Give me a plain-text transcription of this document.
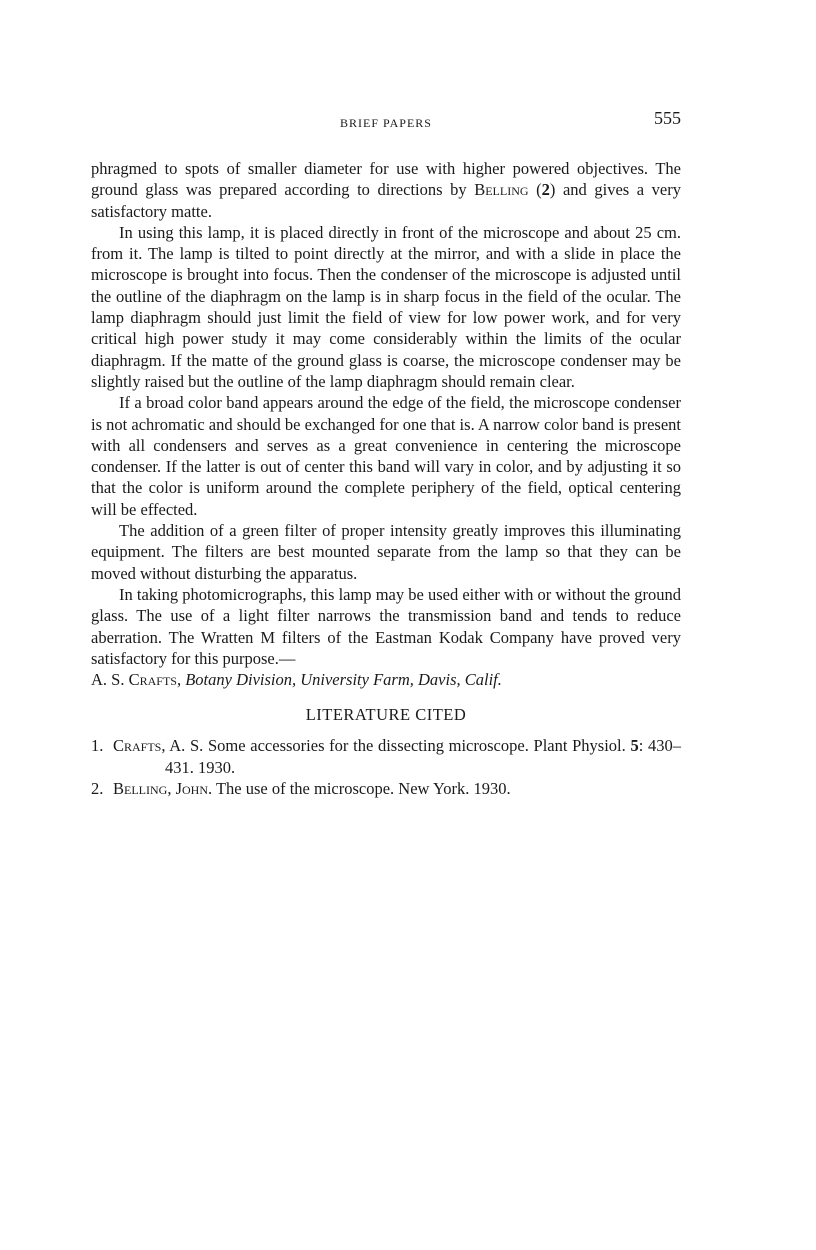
BRIEF PAPERS	555

phragmed to spots of smaller diameter for use with higher powered objectives. The ground glass was prepared according to directions by Belling (2) and gives a very satisfactory matte.

In using this lamp, it is placed directly in front of the microscope and about 25 cm. from it. The lamp is tilted to point directly at the mirror, and with a slide in place the microscope is brought into focus. Then the condenser of the microscope is adjusted until the outline of the diaphragm on the lamp is in sharp focus in the field of the ocular. The lamp diaphragm should just limit the field of view for low power work, and for very critical high power study it may come considerably within the limits of the ocular diaphragm. If the matte of the ground glass is coarse, the microscope condenser may be slightly raised but the outline of the lamp diaphragm should remain clear.

If a broad color band appears around the edge of the field, the microscope condenser is not achromatic and should be exchanged for one that is. A narrow color band is present with all condensers and serves as a great convenience in centering the microscope condenser. If the latter is out of center this band will vary in color, and by adjusting it so that the color is uniform around the complete periphery of the field, optical centering will be effected.

The addition of a green filter of proper intensity greatly improves this illuminating equipment. The filters are best mounted separate from the lamp so that they can be moved without disturbing the apparatus.

In taking photomicrographs, this lamp may be used either with or without the ground glass. The use of a light filter narrows the transmission band and tends to reduce aberration. The Wratten M filters of the Eastman Kodak Company have proved very satisfactory for this purpose.—
A. S. Crafts, Botany Division, University Farm, Davis, Calif.

LITERATURE CITED
1. Crafts, A. S. Some accessories for the dissecting microscope. Plant Physiol. 5: 430–431. 1930.
2. Belling, John. The use of the microscope. New York. 1930.
